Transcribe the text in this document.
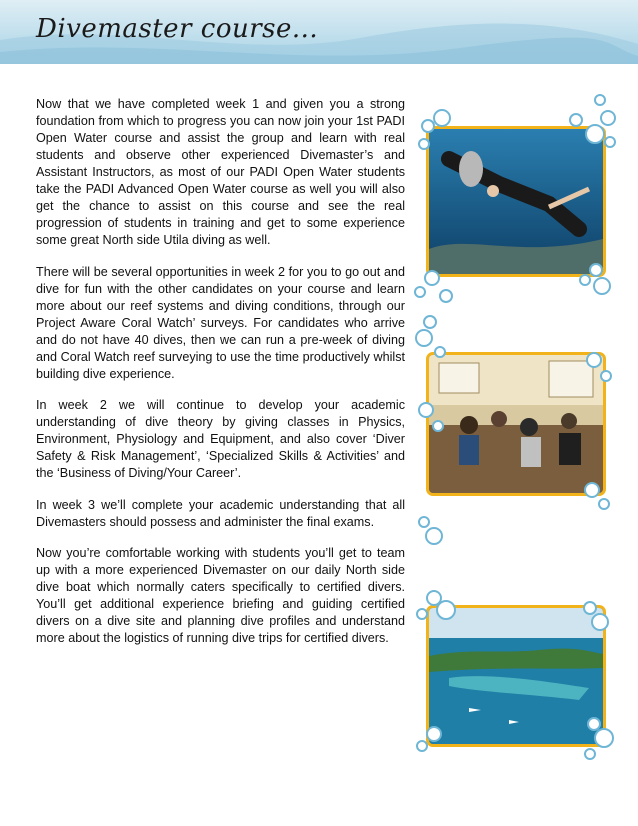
Divemaster course...

Now that we have completed week 1 and given you a strong foundation from which to progress you can now join your 1st PADI Open Water course and assist the group and learn with real students and observe other experienced Divemaster’s and Assistant Instructors, as most of our PADI Open Water students take the PADI Advanced Open Water course as well you will also get the chance to assist on this course and see the real progression of students in training and get to some experience some great North side Utila diving as well.

There will be several opportunities in week 2 for you to go out and dive for fun with the other candidates on your course and learn more about our reef systems and diving conditions, through our Project Aware Coral Watch’ surveys. For candidates who arrive and do not have 40 dives, then we can run a pre-week of diving and Coral Watch reef surveying to use the time productively whilst building dive experience.

In week 2 we will continue to develop your academic understanding of dive theory by giving classes in Physics, Environment, Physiology and Equipment, and also cover ‘Diver Safety & Risk Management’, ‘Specialized Skills & Activities’ and the ‘Business of Diving/Your Career’.

In week 3 we’ll complete your academic understanding that all Divemasters should possess and administer the final exams.

Now you’re comfortable working with students you’ll get to team up with a more experienced Divemaster on our daily North side dive boat which normally caters specifically to certified divers. You’ll get additional experience briefing and guiding certified divers on a dive site and planning dive profiles and understand more about the logistics of running dive trips for certified divers.
